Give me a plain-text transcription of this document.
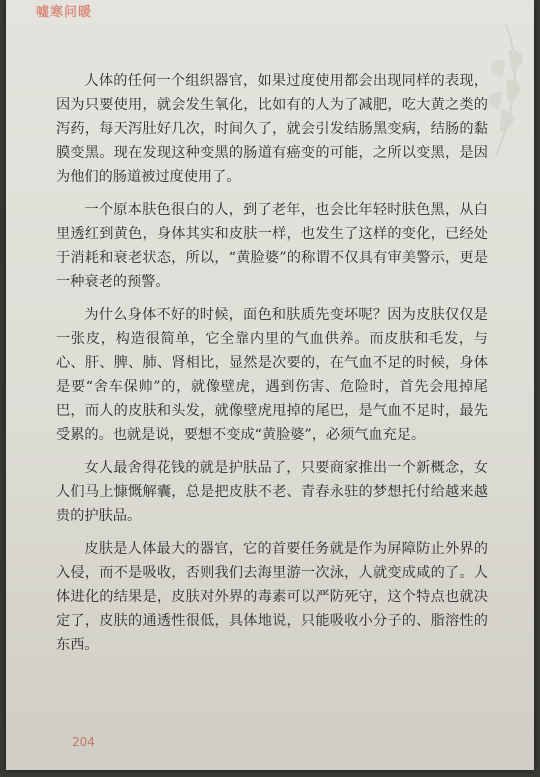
嘘寒问暖

人体的任何一个组织器官，如果过度使用都会出现同样的表现，因为只要使用，就会发生氧化，比如有的人为了减肥，吃大黄之类的泻药，每天泻肚好几次，时间久了，就会引发结肠黑变病，结肠的黏膜变黑。现在发现这种变黑的肠道有癌变的可能，之所以变黑，是因为他们的肠道被过度使用了。

一个原本肤色很白的人，到了老年，也会比年轻时肤色黑，从白里透红到黄色，身体其实和皮肤一样，也发生了这样的变化，已经处于消耗和衰老状态，所以，“黄脸婆”的称谓不仅具有审美警示，更是一种衰老的预警。

为什么身体不好的时候，面色和肤质先变坏呢？因为皮肤仅仅是一张皮，构造很简单，它全靠内里的气血供养。而皮肤和毛发，与心、肝、脾、肺、肾相比，显然是次要的，在气血不足的时候，身体是要“舍车保帅”的，就像壁虎，遇到伤害、危险时，首先会甩掉尾巴，而人的皮肤和头发，就像壁虎甩掉的尾巴，是气血不足时，最先受累的。也就是说，要想不变成“黄脸婆”，必须气血充足。

女人最舍得花钱的就是护肤品了，只要商家推出一个新概念，女人们马上慷慨解囊，总是把皮肤不老、青春永驻的梦想托付给越来越贵的护肤品。

皮肤是人体最大的器官，它的首要任务就是作为屏障防止外界的入侵，而不是吸收，否则我们去海里游一次泳，人就变成咸的了。人体进化的结果是，皮肤对外界的毒素可以严防死守，这个特点也就决定了，皮肤的通透性很低，具体地说，只能吸收小分子的、脂溶性的东西。

204
